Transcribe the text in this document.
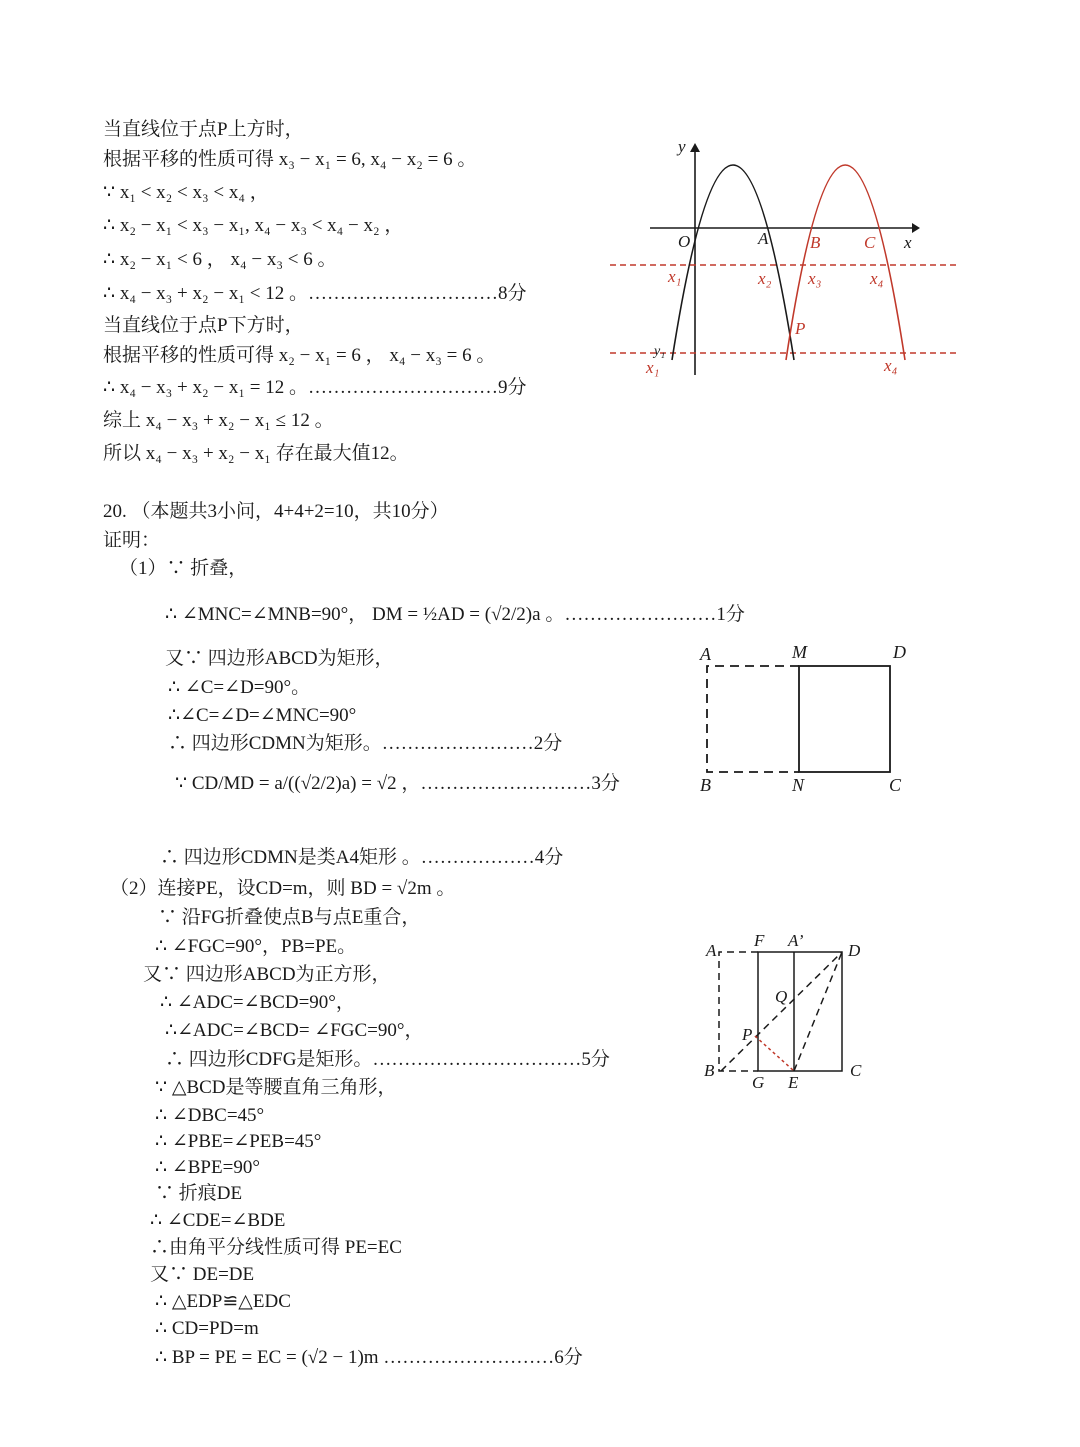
当直线位于点P上方时，
根据平移的性质可得 x₃ − x₁ = 6, x₄ − x₂ = 6 。
∵ x₁ < x₂ < x₃ < x₄ ，
∴ x₂ − x₁ < x₃ − x₁, x₄ − x₃ < x₄ − x₂ ，
∴ x₂ − x₁ < 6 ， x₄ − x₃ < 6 。
∴ x₄ − x₃ + x₂ − x₁ < 12 。…………………………8分
当直线位于点P下方时，
根据平移的性质可得 x₂ − x₁ = 6 ， x₄ − x₃ = 6 。
∴ x₄ − x₃ + x₂ − x₁ = 12 。…………………………9分
综上 x₄ − x₃ + x₂ − x₁ ≤ 12 。
所以 x₄ − x₃ + x₂ − x₁ 存在最大值12。
20. （本题共3小问，4+4+2=10，共10分）
证明：
（1）∵ 折叠，
∴ ∠MNC=∠MNB=90°， DM = ½AD = (√2/2)a 。……………………1分
又∵ 四边形ABCD为矩形，
∴ ∠C=∠D=90°。
∴∠C=∠D=∠MNC=90°
∴ 四边形CDMN为矩形。……………………2分
∵ CD/MD = a/((√2/2)a) = √2 ，………………………3分
∴ 四边形CDMN是类A4矩形 。………………4分
（2）连接PE，设CD=m，则 BD = √2m 。
∵ 沿FG折叠使点B与点E重合，
∴ ∠FGC=90°，PB=PE。
又∵ 四边形ABCD为正方形，
∴ ∠ADC=∠BCD=90°，
∴∠ADC=∠BCD= ∠FGC=90°，
∴ 四边形CDFG是矩形。……………………………5分
∵ △BCD是等腰直角三角形，
∴ ∠DBC=45°
∴ ∠PBE=∠PEB=45°
∴ ∠BPE=90°
∵ 折痕DE
∴ ∠CDE=∠BDE
∴由角平分线性质可得 PE=EC
又∵ DE=DE
∴ △EDP≌△EDC
∴ CD=PD=m
∴ BP = PE = EC = (√2 − 1)m ………………………6分
y
x
O	A B	C
P
x₁	x₂ x₃	x₄
y₁
x₁	x₄
A	M	D
B	N	C
A
F A’
D
Q
P
B
G E
C
